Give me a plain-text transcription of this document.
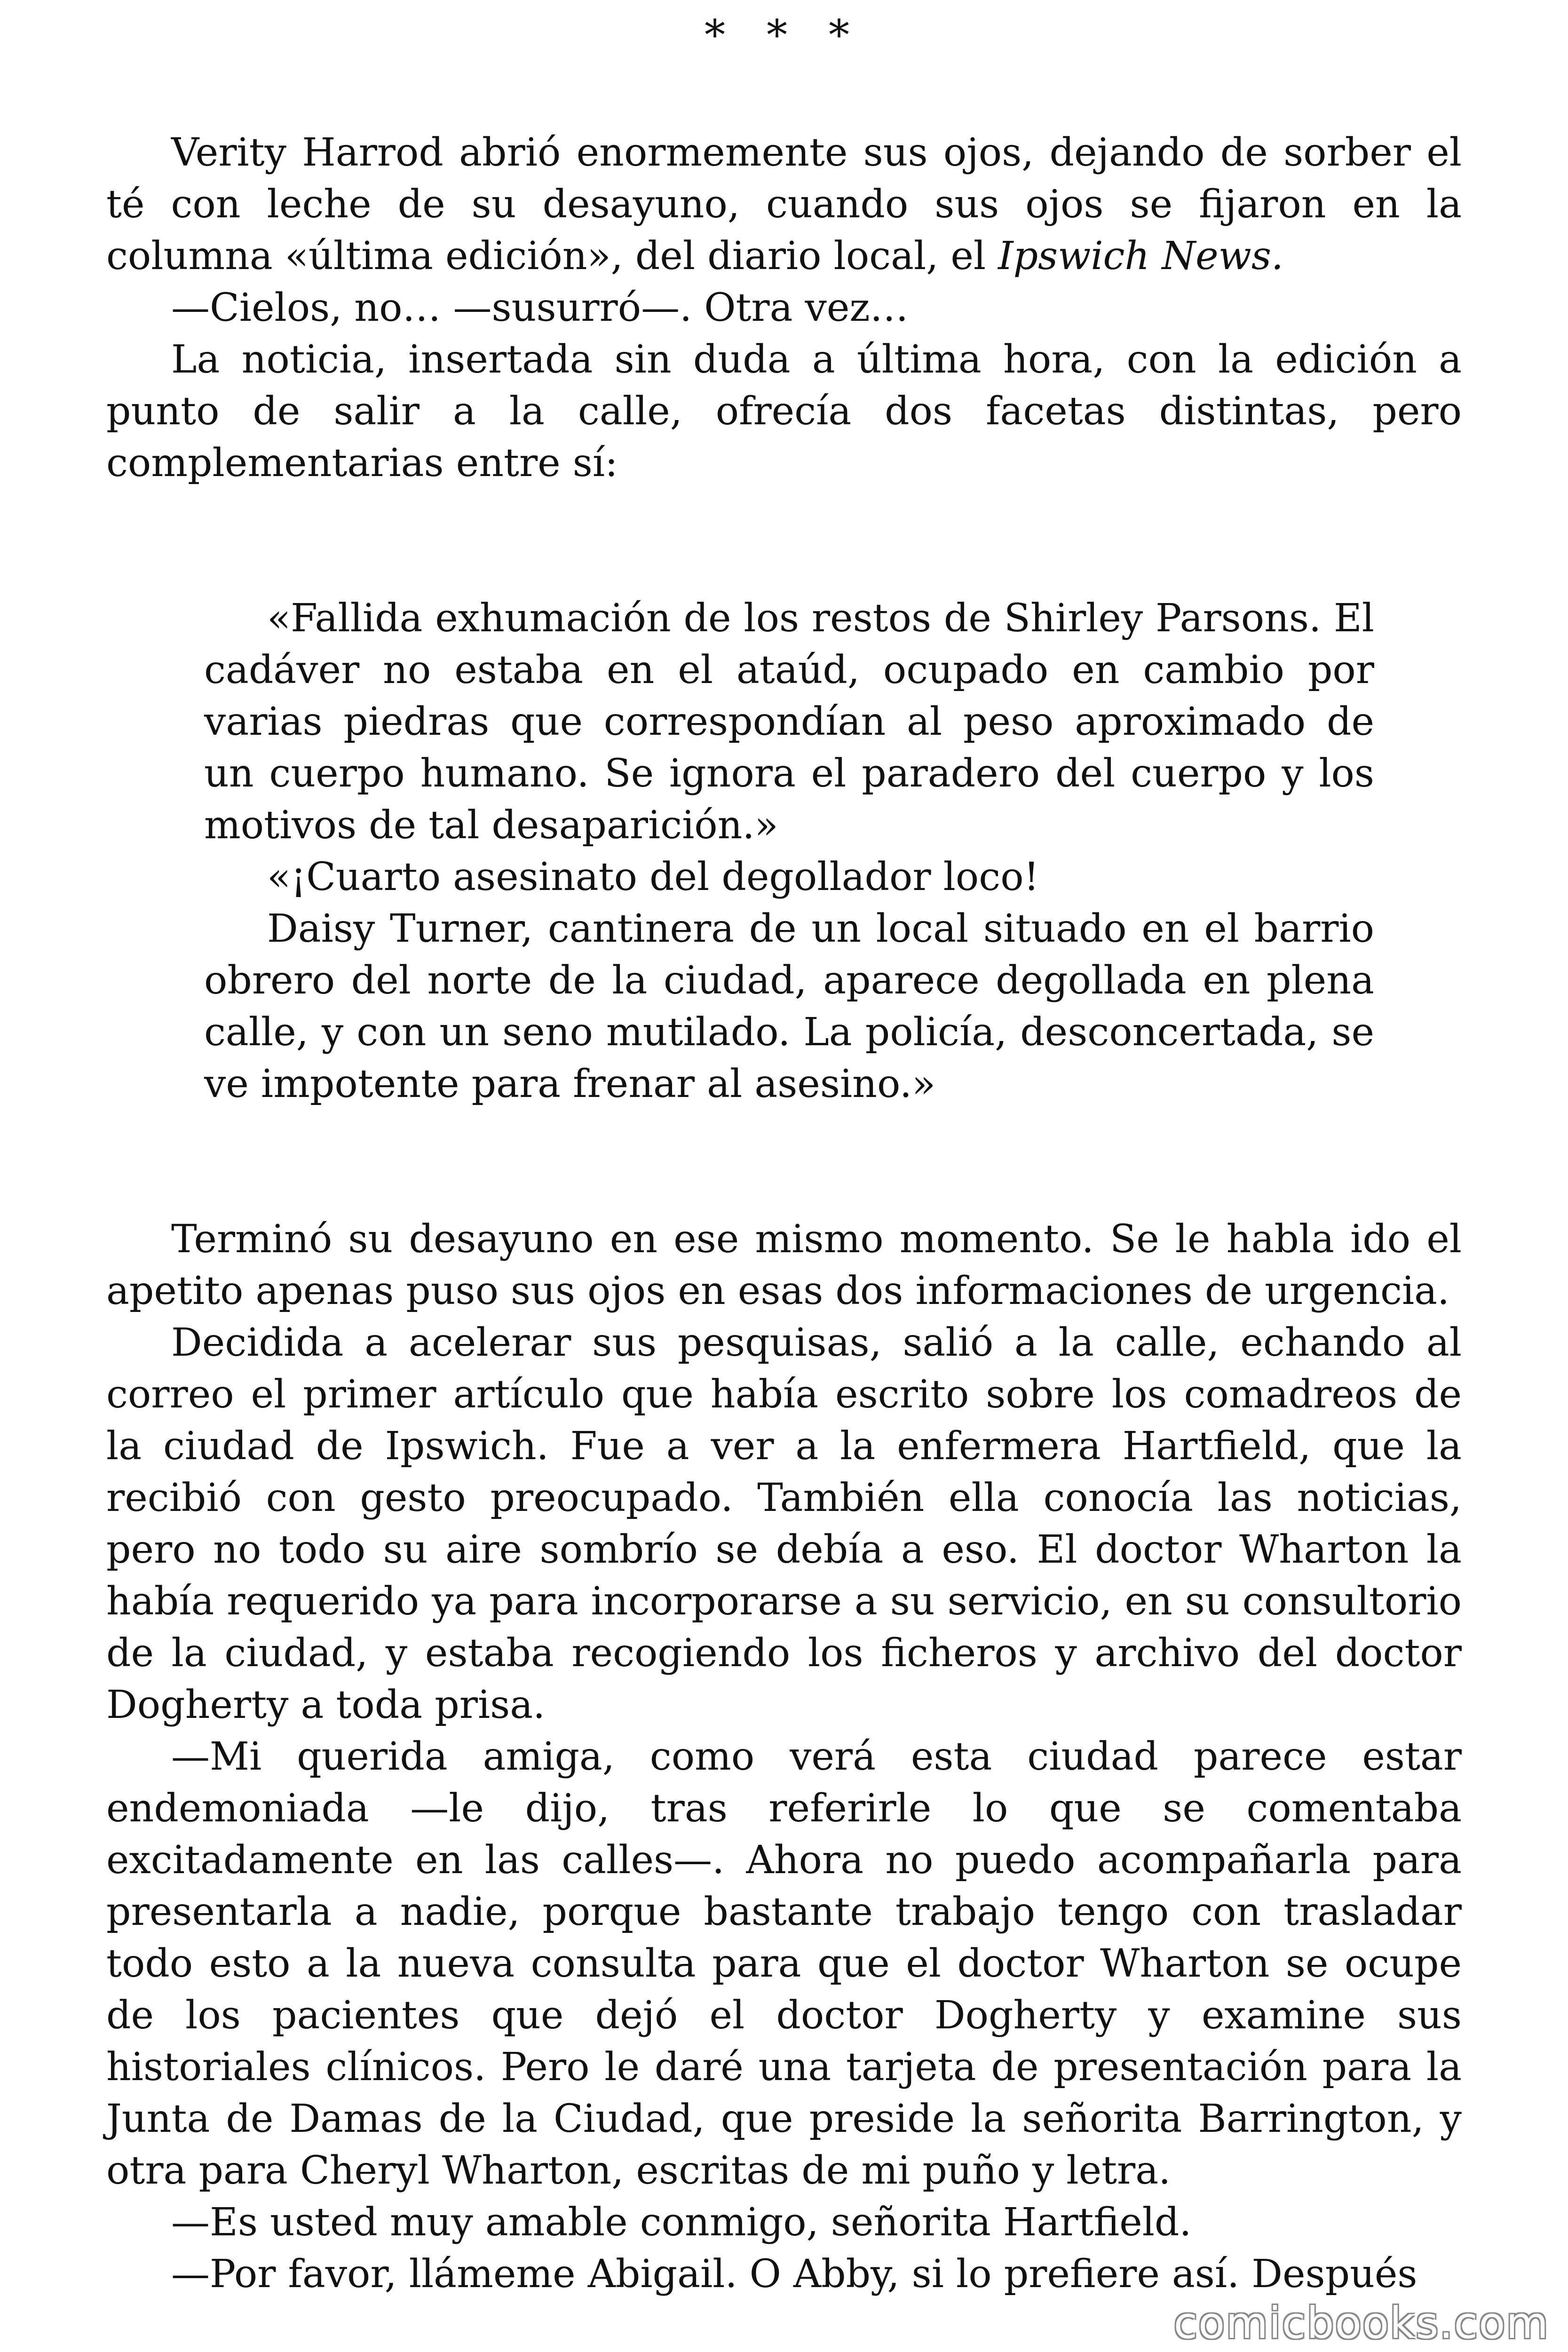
* * *

Verity Harrod abrió enormemente sus ojos, dejando de sorber el té con leche de su desayuno, cuando sus ojos se fijaron en la columna «última edición», del diario local, el Ipswich News.

—Cielos, no… —susurró—. Otra vez…

La noticia, insertada sin duda a última hora, con la edición a punto de salir a la calle, ofrecía dos facetas distintas, pero complementarias entre sí:

«Fallida exhumación de los restos de Shirley Parsons. El cadáver no estaba en el ataúd, ocupado en cambio por varias piedras que correspondían al peso aproximado de un cuerpo humano. Se ignora el paradero del cuerpo y los motivos de tal desaparición.»

«¡Cuarto asesinato del degollador loco!

Daisy Turner, cantinera de un local situado en el barrio obrero del norte de la ciudad, aparece degollada en plena calle, y con un seno mutilado. La policía, desconcertada, se ve impotente para frenar al asesino.»

Terminó su desayuno en ese mismo momento. Se le habla ido el apetito apenas puso sus ojos en esas dos informaciones de urgencia.

Decidida a acelerar sus pesquisas, salió a la calle, echando al correo el primer artículo que había escrito sobre los comadreos de la ciudad de Ipswich. Fue a ver a la enfermera Hartfield, que la recibió con gesto preocupado. También ella conocía las noticias, pero no todo su aire sombrío se debía a eso. El doctor Wharton la había requerido ya para incorporarse a su servicio, en su consultorio de la ciudad, y estaba recogiendo los ficheros y archivo del doctor Dogherty a toda prisa.

—Mi querida amiga, como verá esta ciudad parece estar endemoniada —le dijo, tras referirle lo que se comentaba excitadamente en las calles—. Ahora no puedo acompañarla para presentarla a nadie, porque bastante trabajo tengo con trasladar todo esto a la nueva consulta para que el doctor Wharton se ocupe de los pacientes que dejó el doctor Dogherty y examine sus historiales clínicos. Pero le daré una tarjeta de presentación para la Junta de Damas de la Ciudad, que preside la señorita Barrington, y otra para Cheryl Wharton, escritas de mi puño y letra.

—Es usted muy amable conmigo, señorita Hartfield.

—Por favor, llámeme Abigail. O Abby, si lo prefiere así. Después

comicbooks.com
